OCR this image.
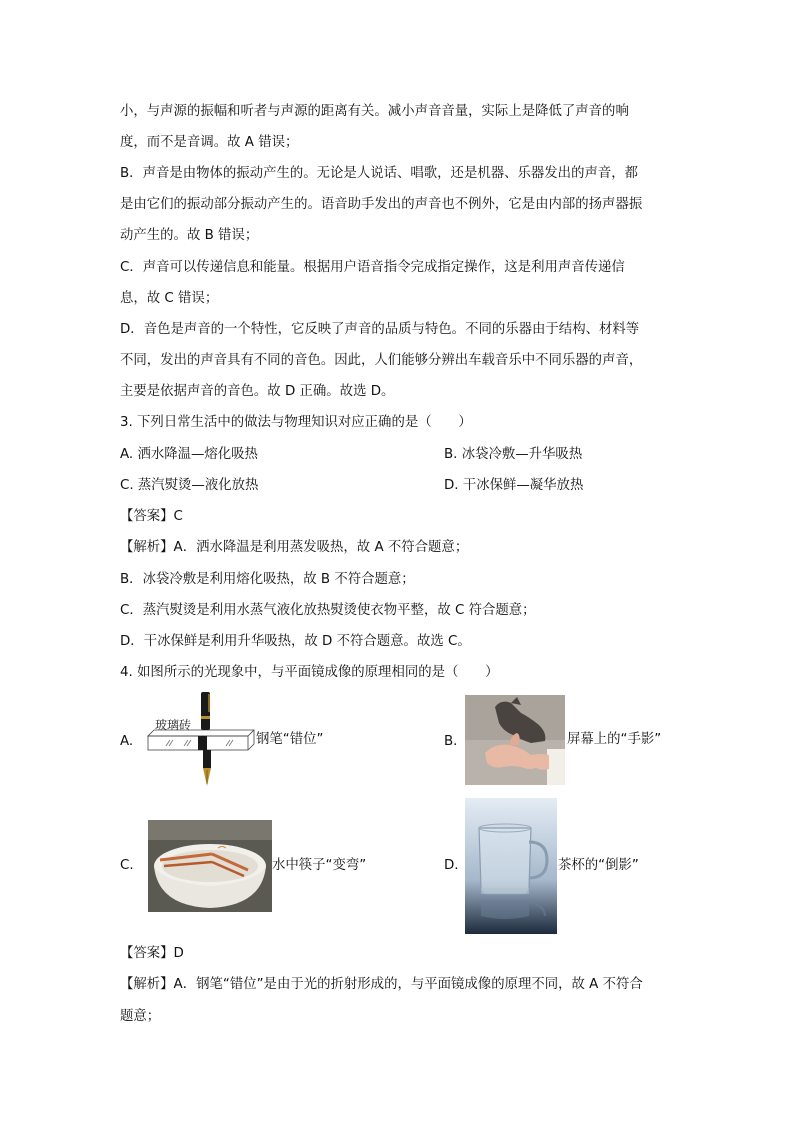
小，与声源的振幅和听者与声源的距离有关。减小声音音量，实际上是降低了声音的响
度，而不是音调。故 A 错误；
B．声音是由物体的振动产生的。无论是人说话、唱歌，还是机器、乐器发出的声音，都
是由它们的振动部分振动产生的。语音助手发出的声音也不例外，它是由内部的扬声器振
动产生的。故 B 错误；
C．声音可以传递信息和能量。根据用户语音指令完成指定操作，这是利用声音传递信
息，故 C 错误；
D．音色是声音的一个特性，它反映了声音的品质与特色。不同的乐器由于结构、材料等
不同，发出的声音具有不同的音色。因此，人们能够分辨出车载音乐中不同乐器的声音，
主要是依据声音的音色。故 D 正确。故选 D。
3. 下列日常生活中的做法与物理知识对应正确的是（　　）
A. 洒水降温—熔化吸热	B. 冰袋冷敷—升华吸热
C. 蒸汽熨烫—液化放热	D. 干冰保鲜—凝华放热
【答案】C
【解析】A．洒水降温是利用蒸发吸热，故 A 不符合题意；
B．冰袋冷敷是利用熔化吸热，故 B 不符合题意；
C．蒸汽熨烫是利用水蒸气液化放热熨烫使衣物平整，故 C 符合题意；
D．干冰保鲜是利用升华吸热，故 D 不符合题意。故选 C。
4. 如图所示的光现象中，与平面镜成像的原理相同的是（　　）
A.
玻璃砖
钢笔“错位”	B.	屏幕上的“手影”
C.	水中筷子“变弯”	D.	茶杯的“倒影”
【答案】D
【解析】A．钢笔“错位”是由于光的折射形成的，与平面镜成像的原理不同，故 A 不符合
题意；
